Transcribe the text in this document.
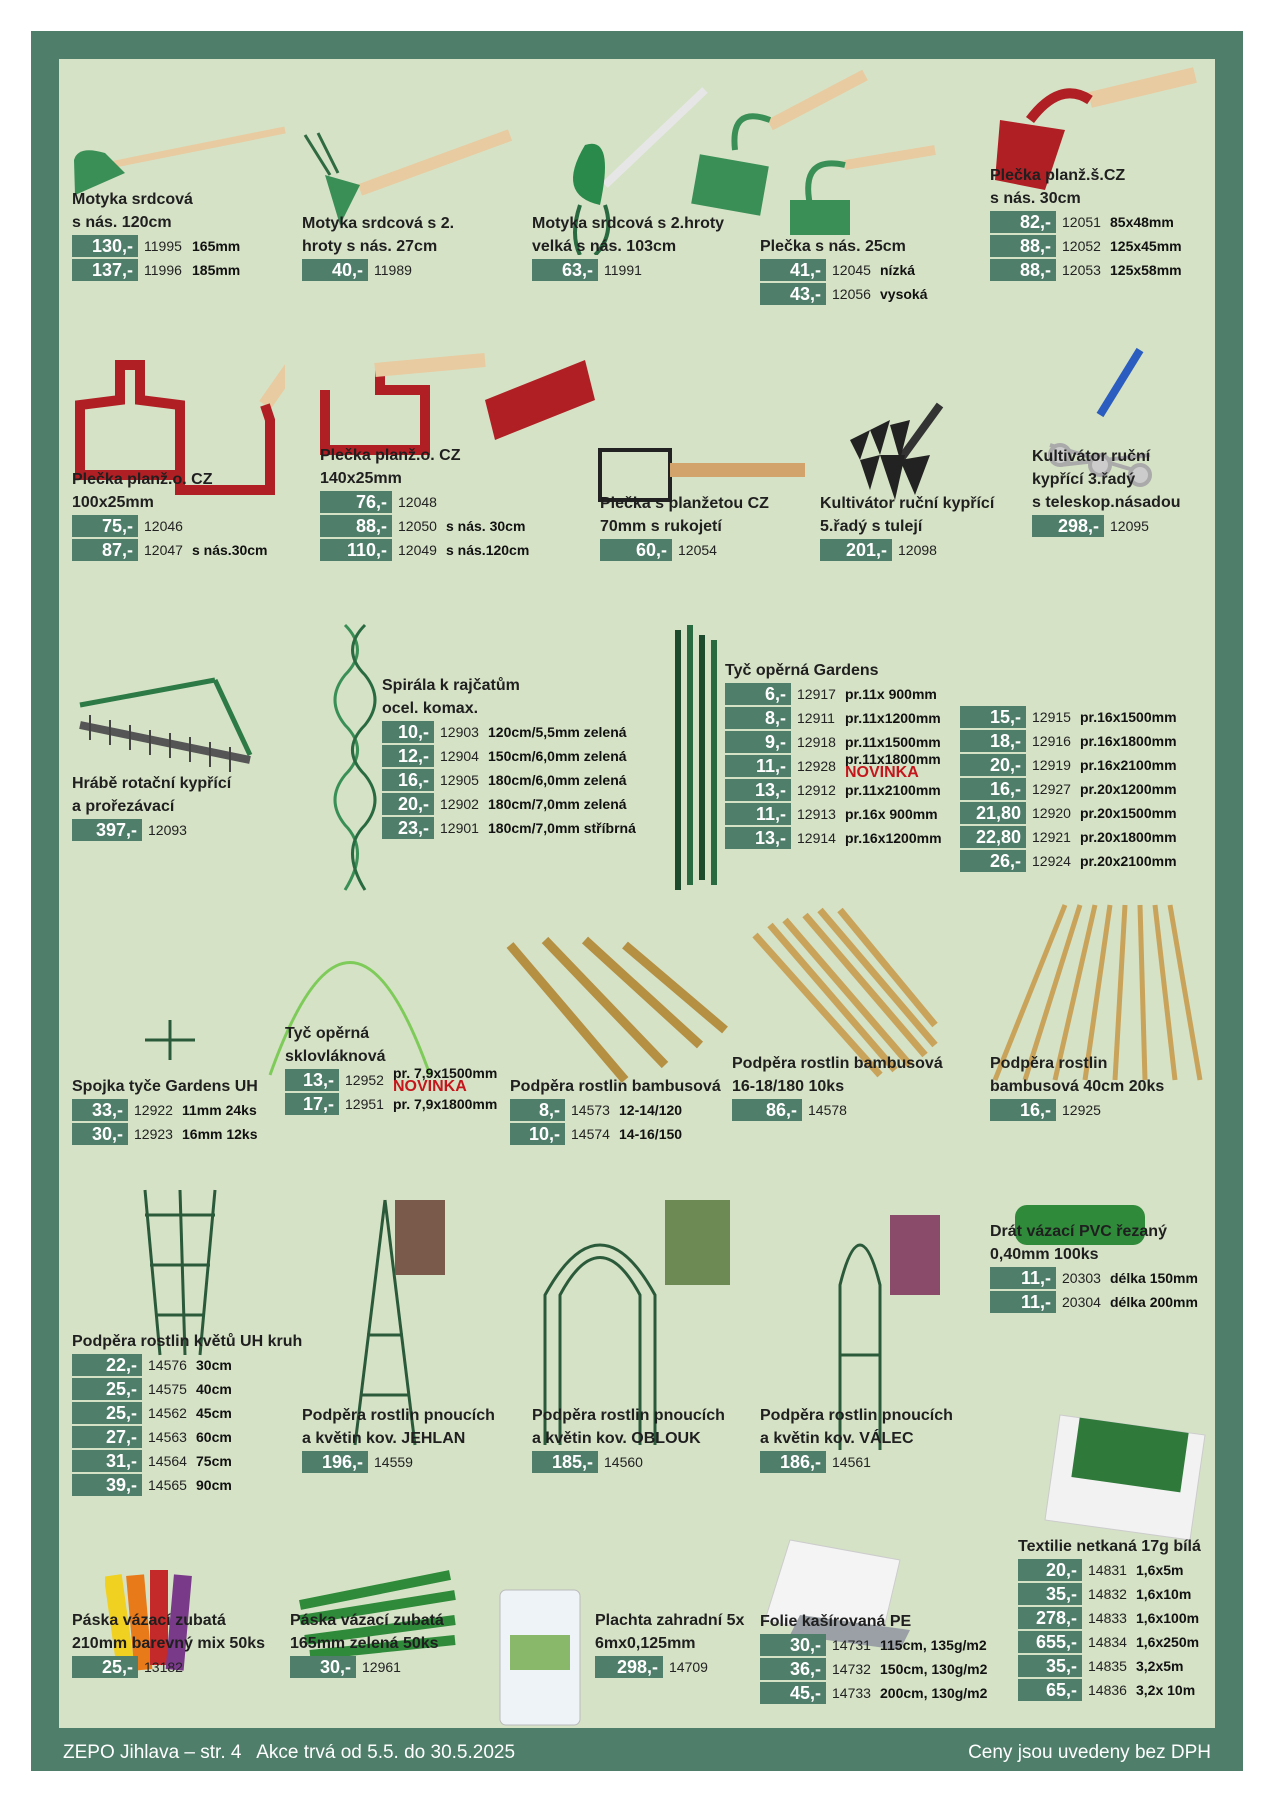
Motyka srdcová
s nás. 120cm
130,- 11995 165mm
137,- 11996 185mm
Motyka srdcová s 2.
hroty s nás. 27cm
40,- 11989
Motyka srdcová s 2.hroty
velká s nás. 103cm
63,- 11991
Plečka s nás. 25cm
41,- 12045 nízká
43,- 12056 vysoká
Plečka planž.š.CZ
s nás. 30cm
82,- 12051 85x48mm
88,- 12052 125x45mm
88,- 12053 125x58mm
Plečka planž.o. CZ
100x25mm
75,- 12046
87,- 12047 s nás.30cm
Plečka planž.o. CZ
140x25mm
76,- 12048
88,- 12050 s nás. 30cm
110,- 12049 s nás.120cm
Plečka s planžetou CZ
70mm s rukojetí
60,- 12054
Kultivátor ruční kypřící
5.řadý s tulejí
201,- 12098
Kultivátor ruční
kypřící 3.řadý
s teleskop.násadou
298,- 12095
Hrábě rotační kypřící
a prořezávací
397,- 12093
Spirála k rajčatům
ocel. komax.
10,- 12903 120cm/5,5mm zelená
12,- 12904 150cm/6,0mm zelená
16,- 12905 180cm/6,0mm zelená
20,- 12902 180cm/7,0mm zelená
23,- 12901 180cm/7,0mm stříbrná
Tyč opěrná Gardens
6,- 12917 pr.11x 900mm
8,- 12911 pr.11x1200mm
9,- 12918 pr.11x1500mm
11,- 12928 pr.11x1800mm
NOVINKA
13,- 12912 pr.11x2100mm
11,- 12913 pr.16x 900mm
13,- 12914 pr.16x1200mm
15,- 12915 pr.16x1500mm
18,- 12916 pr.16x1800mm
20,- 12919 pr.16x2100mm
16,- 12927 pr.20x1200mm
21,80 12920 pr.20x1500mm
22,80 12921 pr.20x1800mm
26,- 12924 pr.20x2100mm
Spojka tyče Gardens UH
33,- 12922 11mm 24ks
30,- 12923 16mm 12ks
Tyč opěrná
sklovláknová
13,- 12952 pr. 7,9x1500mm
NOVINKA
17,- 12951 pr. 7,9x1800mm
Podpěra rostlin bambusová
8,- 14573 12-14/120
10,- 14574 14-16/150
Podpěra rostlin bambusová
16-18/180 10ks
86,- 14578
Podpěra rostlin
bambusová 40cm 20ks
16,- 12925
Podpěra rostlin květů UH kruh
22,- 14576 30cm
25,- 14575 40cm
25,- 14562 45cm
27,- 14563 60cm
31,- 14564 75cm
39,- 14565 90cm
Podpěra rostlin pnoucích
a květin kov. JEHLAN
196,- 14559
Podpěra rostlin pnoucích
a květin kov. OBLOUK
185,- 14560
Podpěra rostlin pnoucích
a květin kov. VÁLEC
186,- 14561
Drát vázací PVC řezaný
0,40mm 100ks
11,- 20303 délka 150mm
11,- 20304 délka 200mm
Páska vázací zubatá
210mm barevný mix 50ks
25,- 13182
Páska vázací zubatá
165mm zelená 50ks
30,- 12961
Plachta zahradní 5x
6mx0,125mm
298,- 14709
Folie kašírovaná PE
30,- 14731 115cm, 135g/m2
36,- 14732 150cm, 130g/m2
45,- 14733 200cm, 130g/m2
Textilie netkaná 17g bílá
20,- 14831 1,6x5m
35,- 14832 1,6x10m
278,- 14833 1,6x100m
655,- 14834 1,6x250m
35,- 14835 3,2x5m
65,- 14836 3,2x 10m
ZEPO Jihlava – str. 4   Akce trvá od 5.5. do 30.5.2025	Ceny jsou uvedeny bez DPH
